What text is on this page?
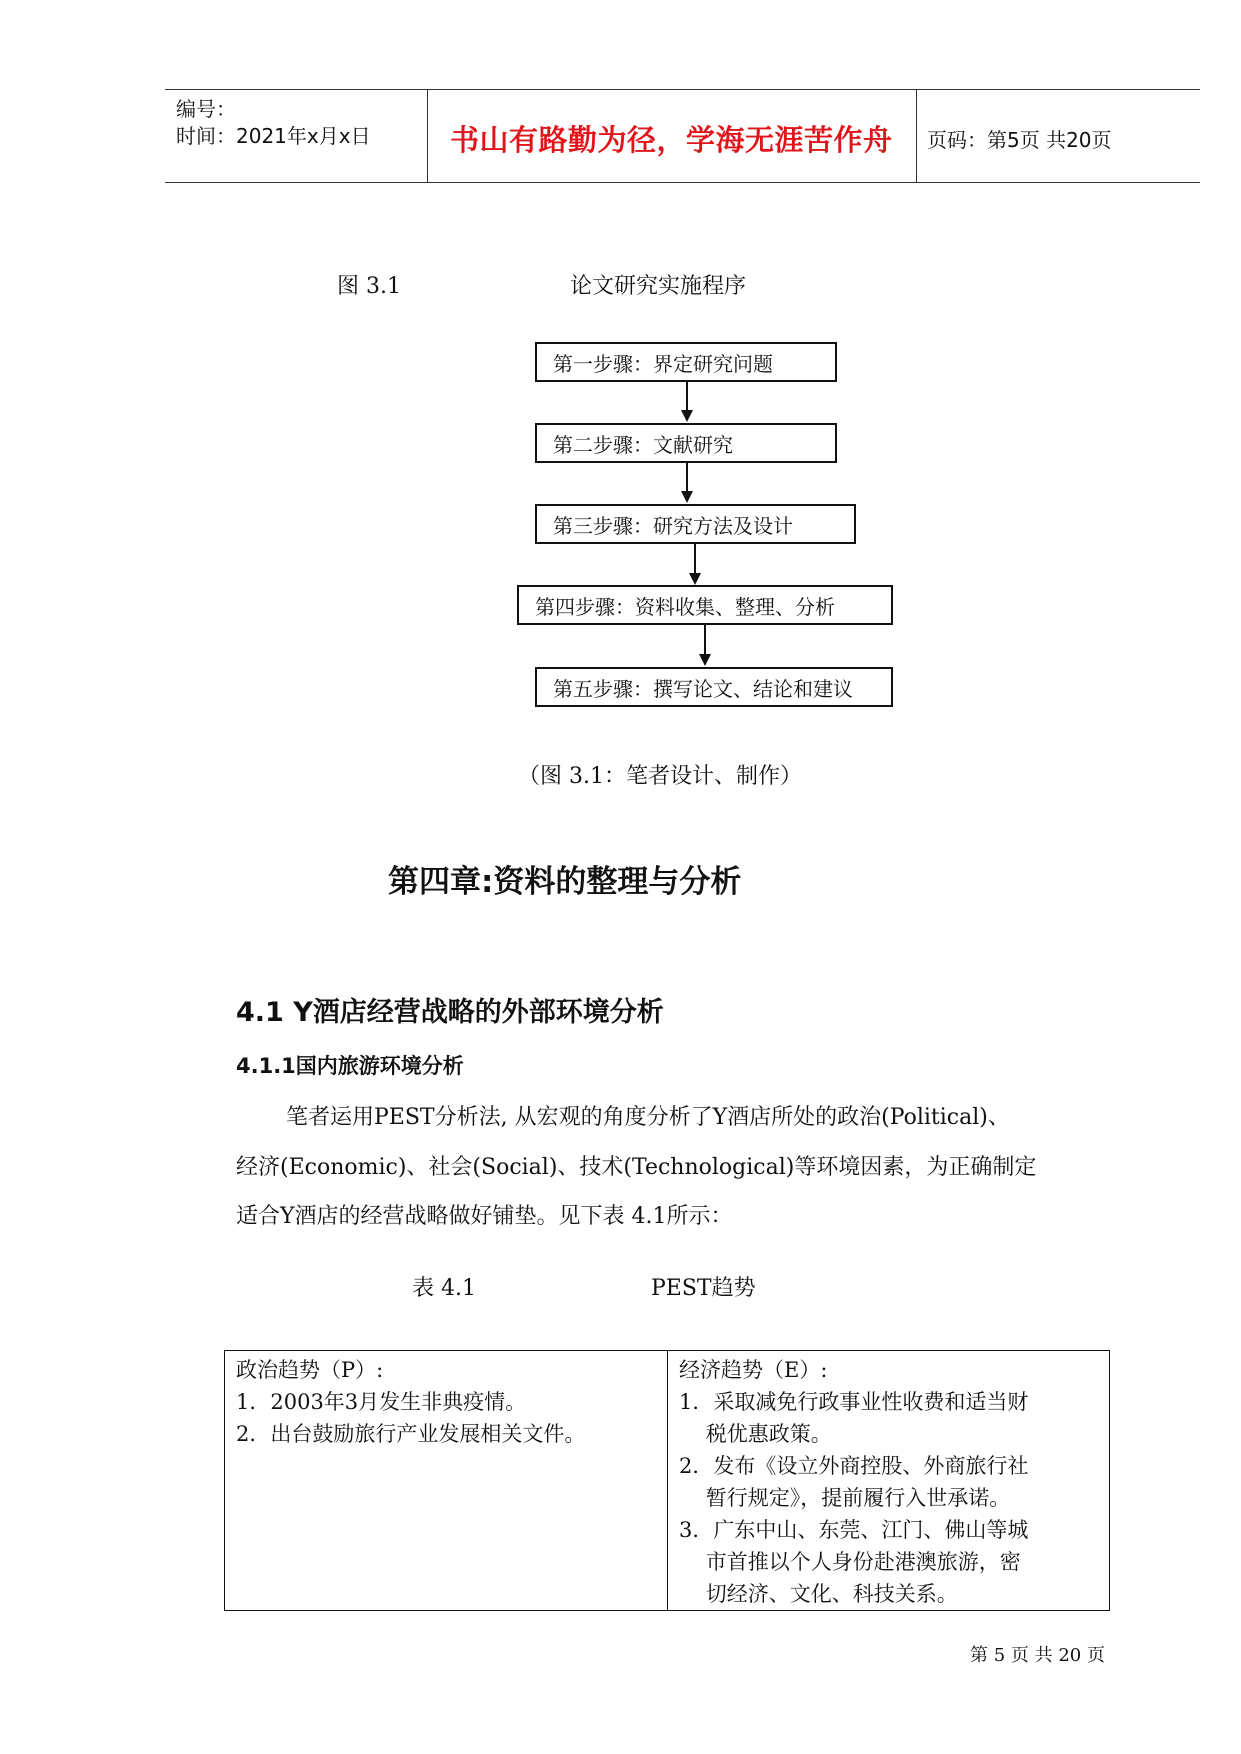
编号：
时间：2021年x月x日	书山有路勤为径，学海无涯苦作舟 页码：第5页 共20页
图 3.1	论文研究实施程序
第一步骤：界定研究问题
第二步骤：文献研究
第三步骤：研究方法及设计
第四步骤：资料收集、整理、分析
第五步骤：撰写论文、结论和建议
（图 3.1：笔者设计、制作）
第四章:资料的整理与分析
4.1 Y酒店经营战略的外部环境分析
4.1.1国内旅游环境分析
笔者运用PEST分析法, 从宏观的角度分析了Y酒店所处的政治(Political)、
经济(Economic)、社会(Social)、技术(Technological)等环境因素，为正确制定
适合Y酒店的经营战略做好铺垫。见下表 4.1所示：
表 4.1	PEST趋势
政治趋势（P）:
1．2003年3月发生非典疫情。
2．出台鼓励旅行产业发展相关文件。
经济趋势（E）:
1．采取减免行政事业性收费和适当财
税优惠政策。
2．发布《设立外商控股、外商旅行社
暂行规定》，提前履行入世承诺。
3．广东中山、东莞、江门、佛山等城
市首推以个人身份赴港澳旅游，密
切经济、文化、科技关系。
第 5 页 共 20 页
